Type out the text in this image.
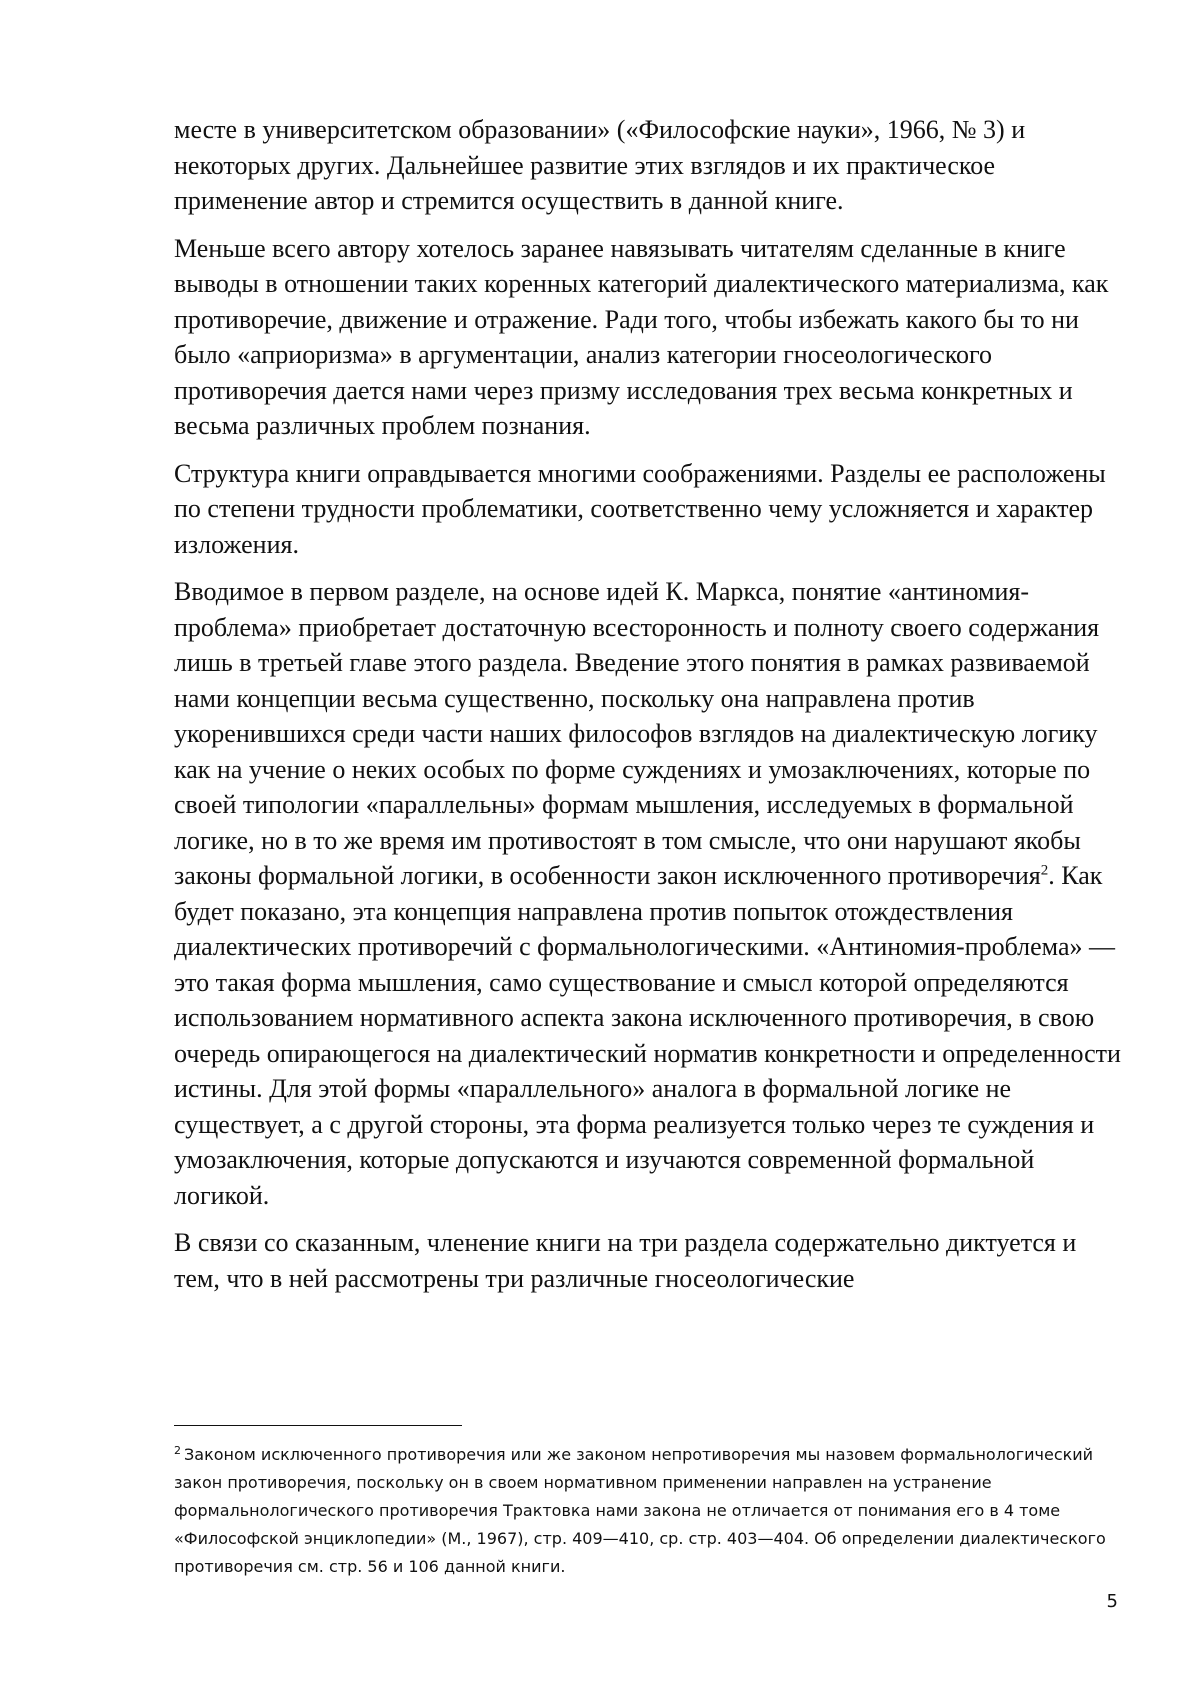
месте в университетском образовании» («Философские науки», 1966, № 3) и некоторых других. Дальнейшее развитие этих взглядов и их практическое применение автор и стремится осуществить в данной книге.

Меньше всего автору хотелось заранее навязывать читателям сделанные в книге выводы в отношении таких коренных категорий диалектического материализма, как противоречие, движение и отражение. Ради того, чтобы избежать какого бы то ни было «априоризма» в аргументации, анализ категории гносеологического противоречия дается нами через призму исследования трех весьма конкретных и весьма различных проблем познания.

Структура книги оправдывается многими соображениями. Разделы ее расположены по степени трудности проблематики, соответственно чему усложняется и характер изложения.

Вводимое в первом разделе, на основе идей К. Маркса, понятие «антиномия-проблема» приобретает достаточную всесторонность и полноту своего содержания лишь в третьей главе этого раздела. Введение этого понятия в рамках развиваемой нами концепции весьма существенно, поскольку она направлена против укоренившихся среди части наших философов взглядов на диалектическую логику как на учение о неких особых по форме суждениях и умозаключениях, которые по своей типологии «параллельны» формам мышления, исследуемых в формальной логике, но в то же время им противостоят в том смысле, что они нарушают якобы законы формальной логики, в особенности закон исключенного противоречия$^2$. Как будет показано, эта концепция направлена против попыток отождествления диалектических противоречий с формальнологическими. «Антиномия-проблема» — это такая форма мышления, само существование и смысл которой определяются использованием нормативного аспекта закона исключенного противоречия, в свою очередь опирающегося на диалектический норматив конкретности и определенности истины. Для этой формы «параллельного» аналога в формальной логике не существует, а с другой стороны, эта форма реализуется только через те суждения и умозаключения, которые допускаются и изучаются современной формальной логикой.

В связи со сказанным, членение книги на три раздела содержательно диктуется и тем, что в ней рассмотрены три различные гносеологические

$^2$ Законом исключенного противоречия или же законом непротиворечия мы назовем формальнологический закон противоречия, поскольку он в своем нормативном применении направлен на устранение формальнологического противоречия Трактовка нами закона не отличается от понимания его в 4 томе «Философской энциклопедии» (М., 1967), стр. 409—410, ср. стр. 403—404. Об определении диалектического противоречия см. стр. 56 и 106 данной книги.
5
